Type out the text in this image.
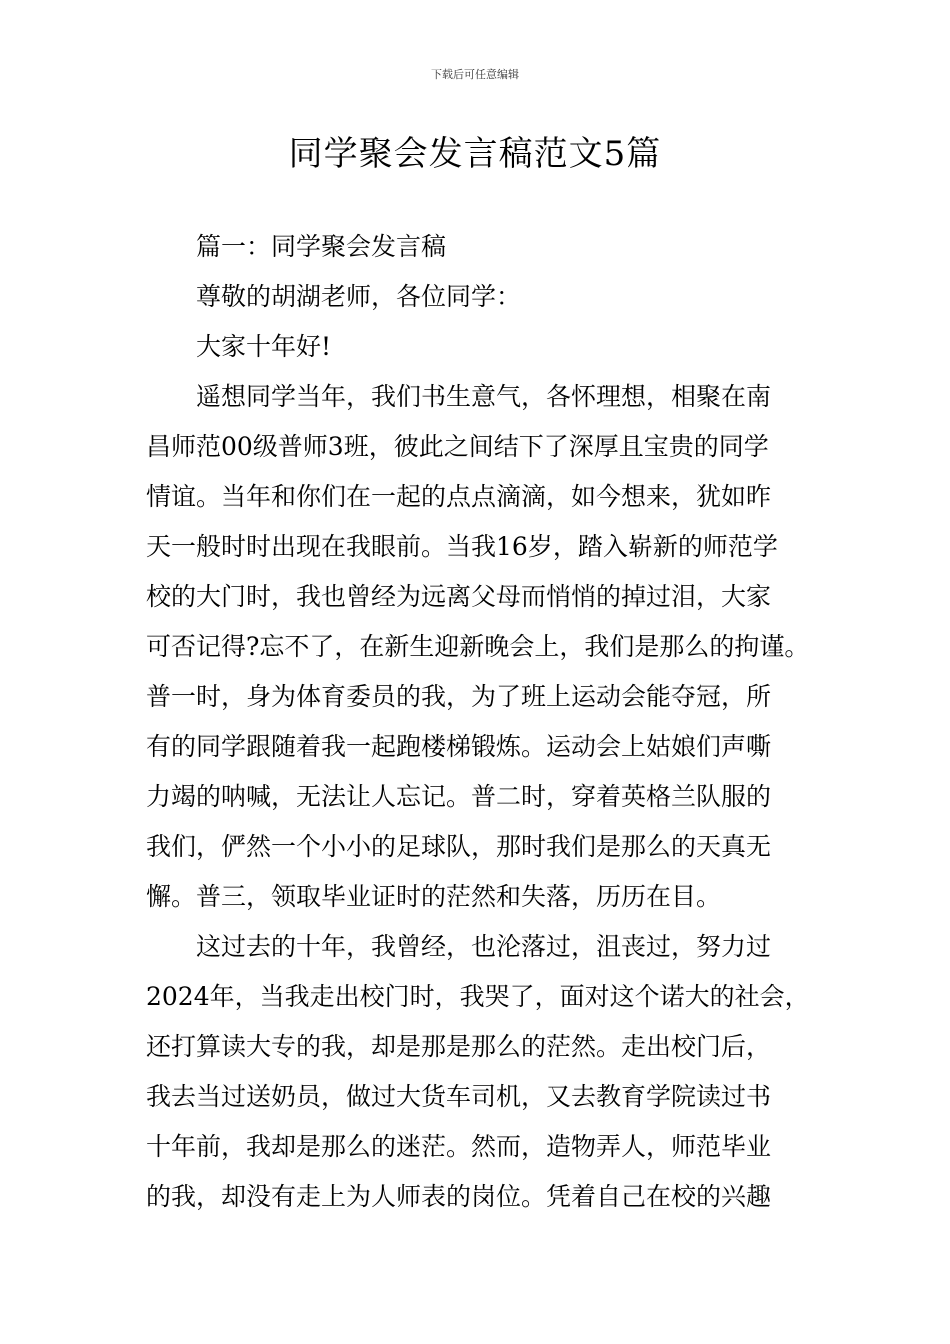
下载后可任意编辑
同学聚会发言稿范文5篇
篇一：同学聚会发言稿
尊敬的胡湖老师，各位同学：
大家十年好!
遥想同学当年，我们书生意气，各怀理想，相聚在南
昌师范00级普师3班，彼此之间结下了深厚且宝贵的同学
情谊。当年和你们在一起的点点滴滴，如今想来，犹如昨
天一般时时出现在我眼前。当我16岁，踏入崭新的师范学
校的大门时，我也曾经为远离父母而悄悄的掉过泪，大家
可否记得?忘不了，在新生迎新晚会上，我们是那么的拘谨。
普一时，身为体育委员的我，为了班上运动会能夺冠，所
有的同学跟随着我一起跑楼梯锻炼。运动会上姑娘们声嘶
力竭的呐喊，无法让人忘记。普二时，穿着英格兰队服的
我们，俨然一个小小的足球队，那时我们是那么的天真无
懈。普三，领取毕业证时的茫然和失落，历历在目。
这过去的十年，我曾经，也沦落过，沮丧过，努力过
2024年，当我走出校门时，我哭了，面对这个诺大的社会，
还打算读大专的我，却是那是那么的茫然。走出校门后，
我去当过送奶员，做过大货车司机，又去教育学院读过书
十年前，我却是那么的迷茫。然而，造物弄人，师范毕业
的我，却没有走上为人师表的岗位。凭着自己在校的兴趣
